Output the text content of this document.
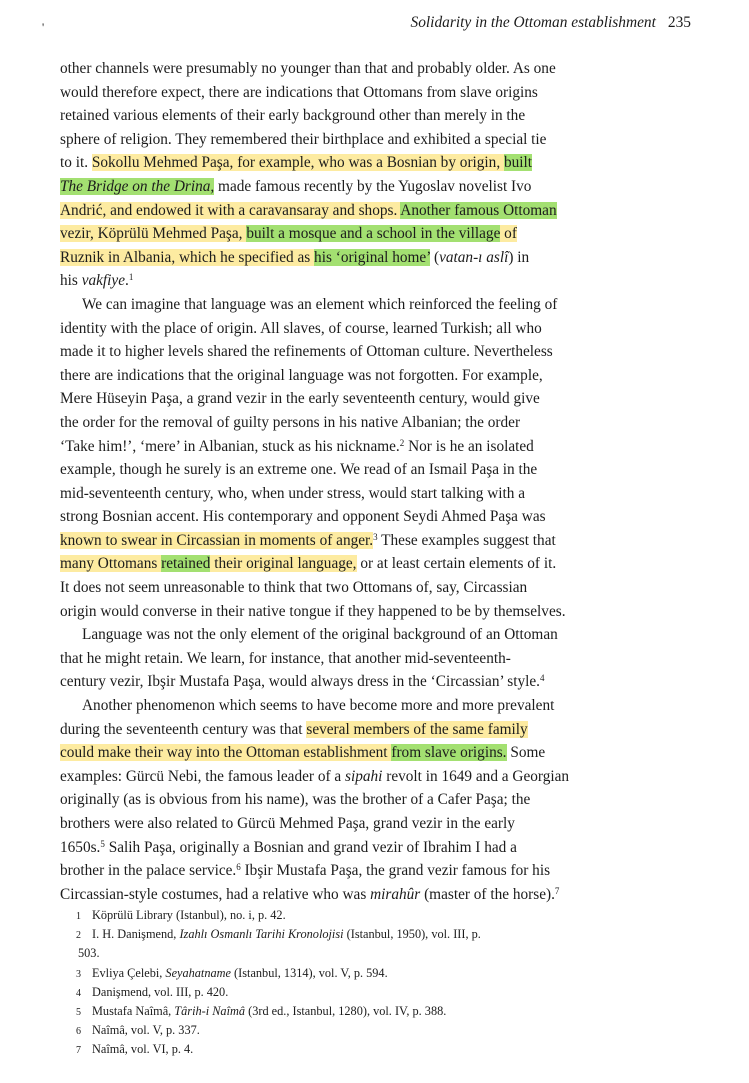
'	Solidarity in the Ottoman establishment 235
other channels were presumably no younger than that and probably older. As one
would therefore expect, there are indications that Ottomans from slave origins
retained various elements of their early background other than merely in the
sphere of religion. They remembered their birthplace and exhibited a special tie
to it. Sokollu Mehmed Paşa, for example, who was a Bosnian by origin, built
The Bridge on the Drina, made famous recently by the Yugoslav novelist Ivo
Andrić, and endowed it with a caravansaray and shops. Another famous Ottoman
vezir, Köprülü Mehmed Paşa, built a mosque and a school in the village of
Ruznik in Albania, which he specified as his ‘original home’ (vatan-ı aslî) in
his vakfiye.$^1$
We can imagine that language was an element which reinforced the feeling of
identity with the place of origin. All slaves, of course, learned Turkish; all who
made it to higher levels shared the refinements of Ottoman culture. Nevertheless
there are indications that the original language was not forgotten. For example,
Mere Hüseyin Paşa, a grand vezir in the early seventeenth century, would give
the order for the removal of guilty persons in his native Albanian; the order
‘Take him!’, ‘mere’ in Albanian, stuck as his nickname.$^2$ Nor is he an isolated
example, though he surely is an extreme one. We read of an Ismail Paşa in the
mid-seventeenth century, who, when under stress, would start talking with a
strong Bosnian accent. His contemporary and opponent Seydi Ahmed Paşa was
known to swear in Circassian in moments of anger.$^3$ These examples suggest that
many Ottomans retained their original language, or at least certain elements of it.
It does not seem unreasonable to think that two Ottomans of, say, Circassian
origin would converse in their native tongue if they happened to be by themselves.
Language was not the only element of the original background of an Ottoman
that he might retain. We learn, for instance, that another mid-seventeenth-
century vezir, Ibşir Mustafa Paşa, would always dress in the ‘Circassian’ style.$^4$
Another phenomenon which seems to have become more and more prevalent
during the seventeenth century was that several members of the same family
could make their way into the Ottoman establishment from slave origins. Some
examples: Gürcü Nebi, the famous leader of a sipahi revolt in 1649 and a Georgian
originally (as is obvious from his name), was the brother of a Cafer Paşa; the
brothers were also related to Gürcü Mehmed Paşa, grand vezir in the early
1650s.$^5$ Salih Paşa, originally a Bosnian and grand vezir of Ibrahim I had a
brother in the palace service.$^6$ Ibşir Mustafa Paşa, the grand vezir famous for his
Circassian-style costumes, had a relative who was mirahûr (master of the horse).$^7$
1 Köprülü Library (Istanbul), no. i, p. 42.
2 I. H. Danişmend, Izahlı Osmanlı Tarihi Kronolojisi (Istanbul, 1950), vol. III, p.
503.
3 Evliya Çelebi, Seyahatname (Istanbul, 1314), vol. V, p. 594.
4 Danişmend, vol. III, p. 420.
5 Mustafa Naîmâ, Târih-i Naîmâ (3rd ed., Istanbul, 1280), vol. IV, p. 388.
6 Naîmâ, vol. V, p. 337.
7 Naîmâ, vol. VI, p. 4.
